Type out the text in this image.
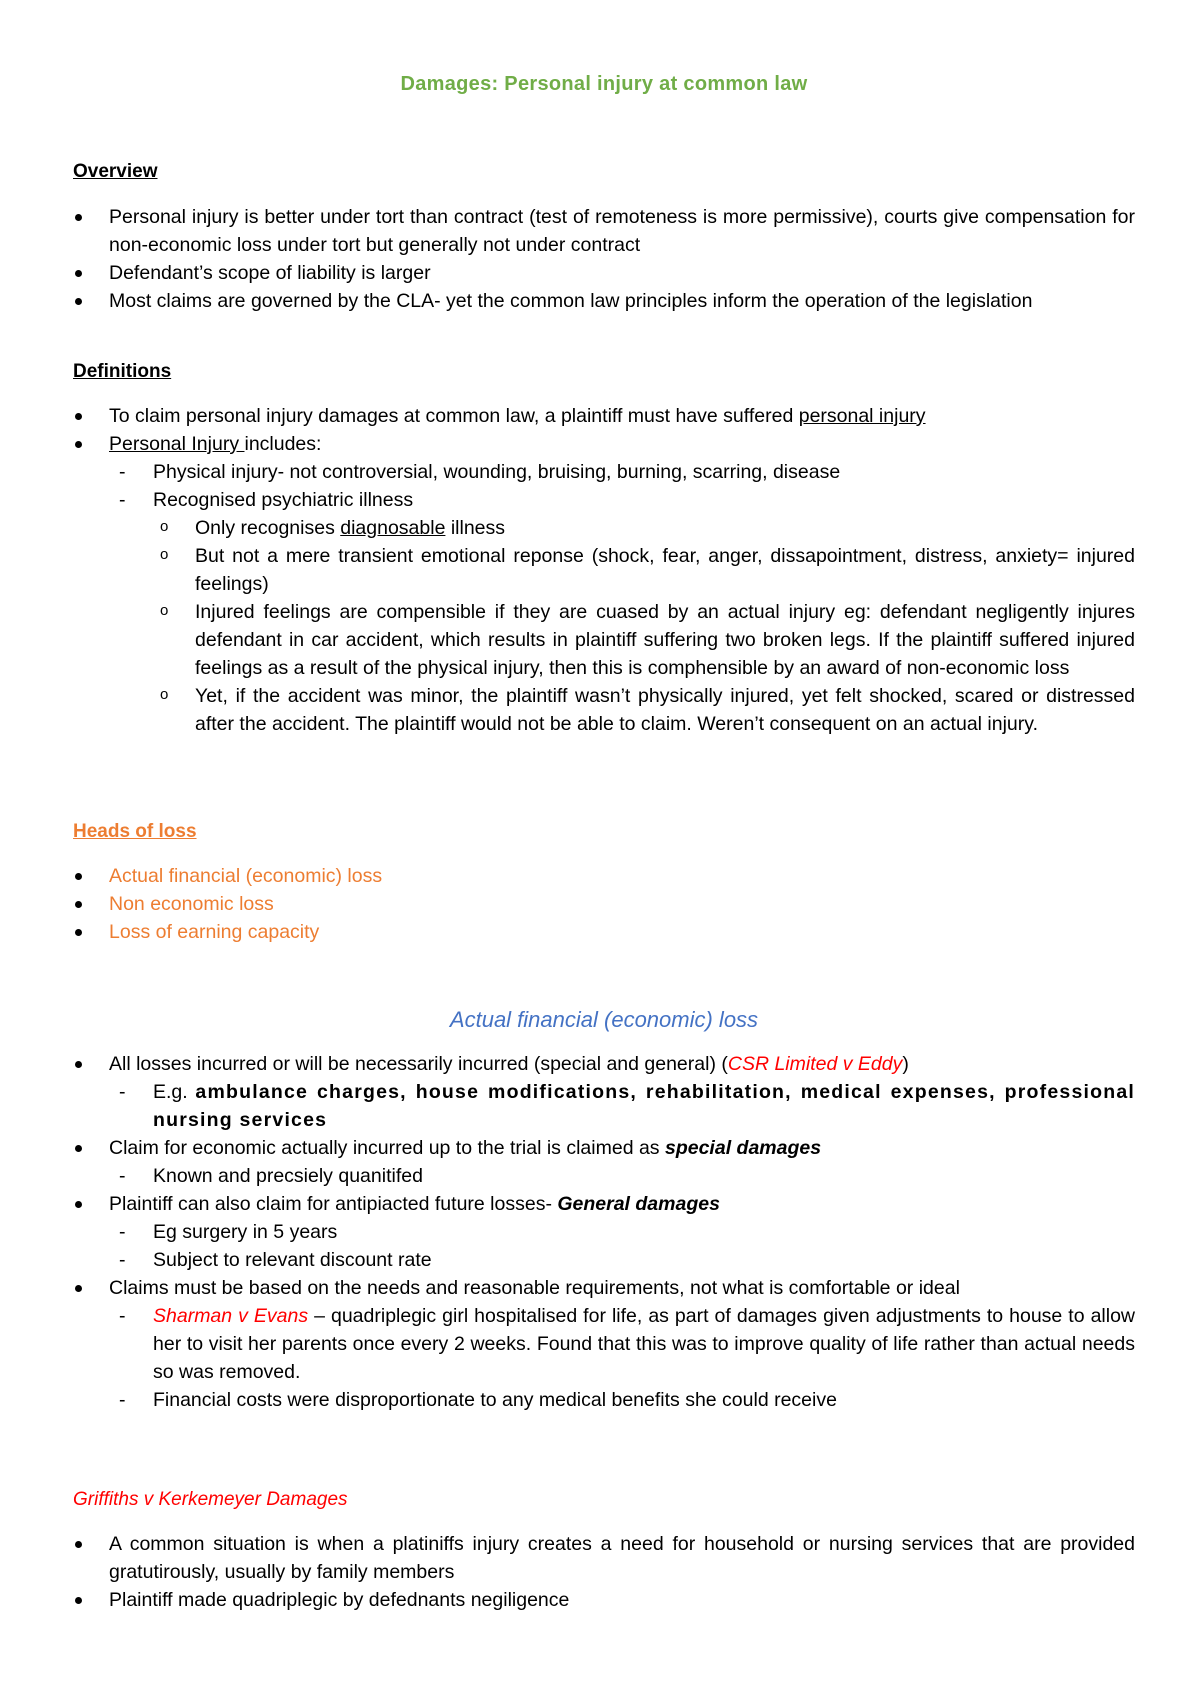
Damages: Personal injury at common law
Overview
Personal injury is better under tort than contract (test of remoteness is more permissive), courts give compensation for non-economic loss under tort but generally not under contract
Defendant’s scope of liability is larger
Most claims are governed by the CLA- yet the common law principles inform the operation of the legislation
Definitions
To claim personal injury damages at common law, a plaintiff must have suffered personal injury
Personal Injury includes:
- Physical injury- not controversial, wounding, bruising, burning, scarring, disease
- Recognised psychiatric illness
o Only recognises diagnosable illness
o But not a mere transient emotional reponse (shock, fear, anger, dissapointment, distress, anxiety= injured feelings)
o Injured feelings are compensible if they are cuased by an actual injury eg: defendant negligently injures defendant in car accident, which results in plaintiff suffering two broken legs. If the plaintiff suffered injured feelings as a result of the physical injury, then this is comphensible by an award of non-economic loss
o Yet, if the accident was minor, the plaintiff wasn’t physically injured, yet felt shocked, scared or distressed after the accident. The plaintiff would not be able to claim. Weren’t consequent on an actual injury.
Heads of loss
Actual financial (economic) loss
Non economic loss
Loss of earning capacity
Actual financial (economic) loss
All losses incurred or will be necessarily incurred (special and general) (CSR Limited v Eddy)
- E.g. ambulance charges, house modifications, rehabilitation, medical expenses, professional nursing services
Claim for economic actually incurred up to the trial is claimed as special damages
- Known and precsiely quanitifed
Plaintiff can also claim for antipiacted future losses- General damages
- Eg surgery in 5 years
- Subject to relevant discount rate
Claims must be based on the needs and reasonable requirements, not what is comfortable or ideal
- Sharman v Evans – quadriplegic girl hospitalised for life, as part of damages given adjustments to house to allow her to visit her parents once every 2 weeks. Found that this was to improve quality of life rather than actual needs so was removed.
- Financial costs were disproportionate to any medical benefits she could receive
Griffiths v Kerkemeyer Damages
A common situation is when a platiniffs injury creates a need for household or nursing services that are provided gratutirously, usually by family members
Plaintiff made quadriplegic by defednants negiligence
